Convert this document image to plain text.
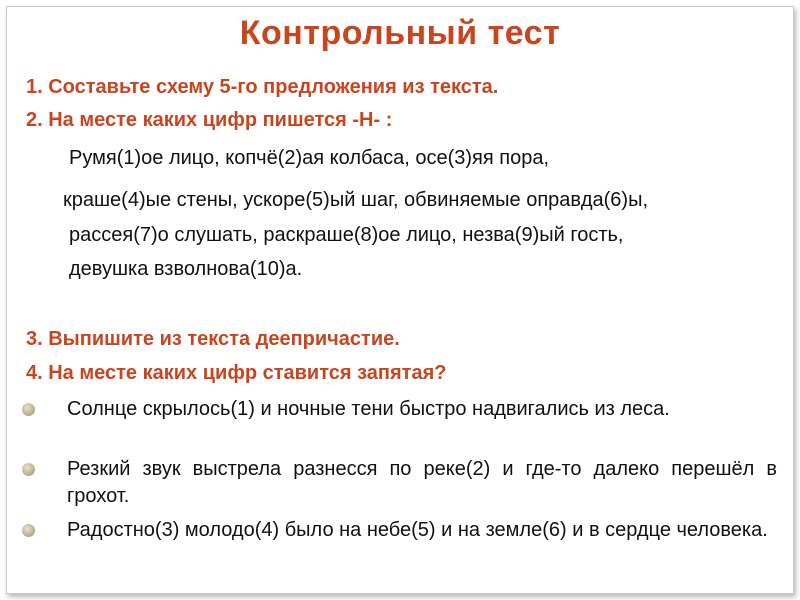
Контрольный тест
1. Составьте схему 5-го предложения из текста.
2. На месте каких цифр пишется -Н- :
Румя(1)ое лицо, копчё(2)ая колбаса, осе(3)яя пора,
краше(4)ые стены, ускоре(5)ый шаг, обвиняемые оправда(6)ы,
рассея(7)о слушать, раскраше(8)ое лицо, незва(9)ый гость,
девушка взволнова(10)а.
3. Выпишите из текста деепричастие.
4. На месте каких цифр ставится запятая?
Солнце скрылось(1) и ночные тени быстро надвигались из леса.
Резкий звук выстрела разнесся по реке(2) и где-то далеко перешёл в грохот.
Радостно(3) молодо(4) было на небе(5) и на земле(6) и в сердце человека.
